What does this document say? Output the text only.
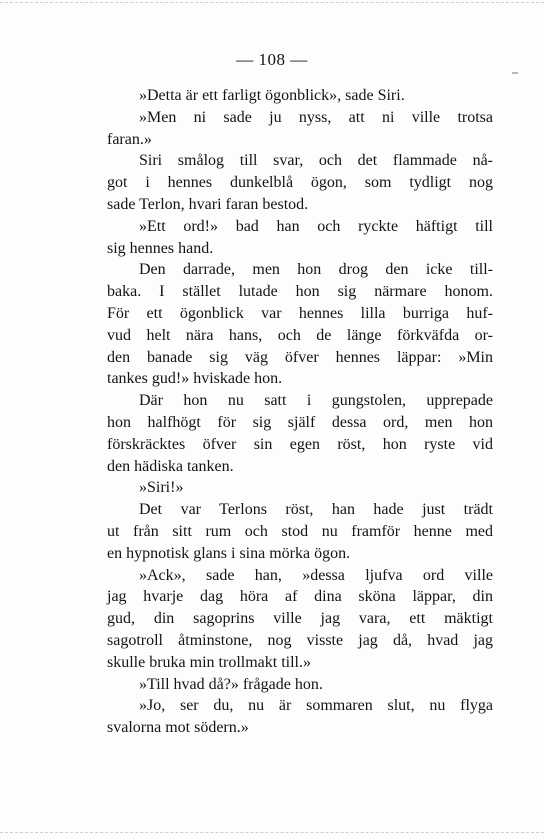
— 108 —
»Detta är ett farligt ögonblick», sade Siri.
»Men ni sade ju nyss, att ni ville trotsa
faran.»
Siri smålog till svar, och det flammade nå-
got i hennes dunkelblå ögon, som tydligt nog
sade Terlon, hvari faran bestod.
»Ett ord!» bad han och ryckte häftigt till
sig hennes hand.
Den darrade, men hon drog den icke till-
baka. I stället lutade hon sig närmare honom.
För ett ögonblick var hennes lilla burriga huf-
vud helt nära hans, och de länge förkväfda or-
den banade sig väg öfver hennes läppar: »Min
tankes gud!» hviskade hon.
Där hon nu satt i gungstolen, upprepade
hon halfhögt för sig själf dessa ord, men hon
förskräcktes öfver sin egen röst, hon ryste vid
den hädiska tanken.
»Siri!»
Det var Terlons röst, han hade just trädt
ut från sitt rum och stod nu framför henne med
en hypnotisk glans i sina mörka ögon.
»Ack», sade han, »dessa ljufva ord ville
jag hvarje dag höra af dina sköna läppar, din
gud, din sagoprins ville jag vara, ett mäktigt
sagotroll åtminstone, nog visste jag då, hvad jag
skulle bruka min trollmakt till.»
»Till hvad då?» frågade hon.
»Jo, ser du, nu är sommaren slut, nu flyga
svalorna mot södern.»
